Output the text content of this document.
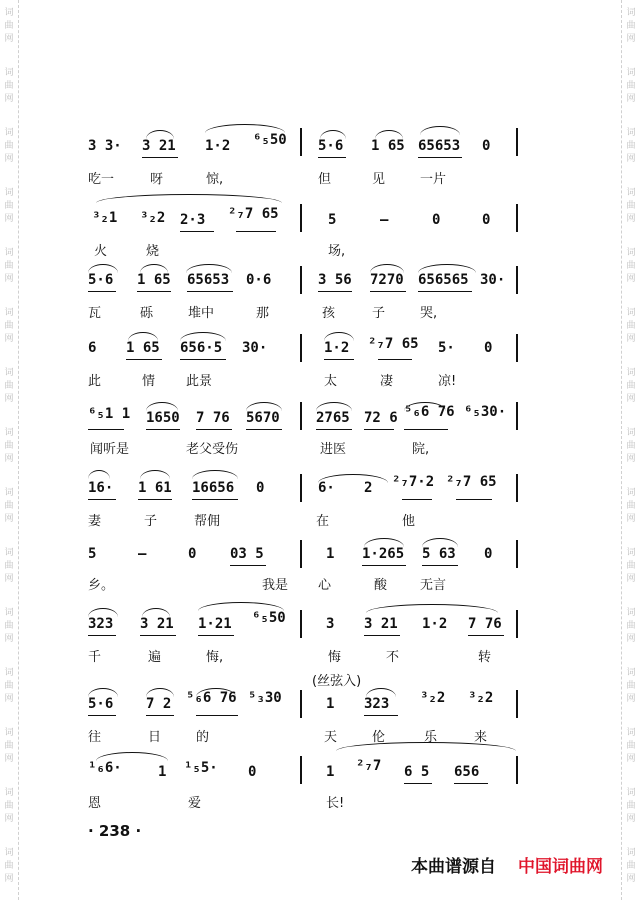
词
曲
网
词
曲
网
词
曲
网
词
曲
网
词
曲
网
词
曲
网
词
曲
网
词
曲
网
词
曲
网
词
曲
网
词
曲
网
词
曲
网
词
曲
网
词
曲
网
词
曲
网
词
曲
网
词
曲
网
词
曲
网
词
曲
网
词
曲
网
词
曲
网
词
曲
网
词
曲
网
词
曲
网
词
曲
网
词
曲
网
词
曲
网
词
曲
网
词
曲
网
词
曲
网
3 3· 3 21 1·2 ⁶₅50 5·6 1 65 65653 0
吃一	呀	惊,	但	见	一片
³₂1 ³₂2 2·3 ²₇7 65	5	–	0	0
火	烧	场,
5·6 1 65 65653 0·6	3 56 7270 656565 30·
瓦	砾	堆中	那	孩	子	哭,
6 1 65 656·5 30·	1·2 ²₇7 65 5· 0
此	情 此景	太	凄	凉!
⁶₅1 1 1650 7 76 5670	2765 72 6 ⁵₆6 76 ⁶₅30·
闻听是	老父受伤	进医	院,
16· 1 61 16656 0	6· 2 ²₇7·2 ²₇7 65
妻	子	帮佣	在	他
5	–	0 03 5	1 1·265 5 63 0
乡。	我是 心	酸	无言
323 3 21 1·21 ⁶₅50	3 3 21 1·2 7 76
千	遍	悔,	悔	不	转
(丝弦入)
5·6 7 2 ⁵₆6 76 ⁵₃30	1 323 ³₂2 ³₂2
往	日	的	天	伦	乐	来
¹₆6·	1 ¹₅5· 0	1 ²₇7 6 5 656
恩	爱	长!
· 238 ·
本曲谱源自 中国词曲网
